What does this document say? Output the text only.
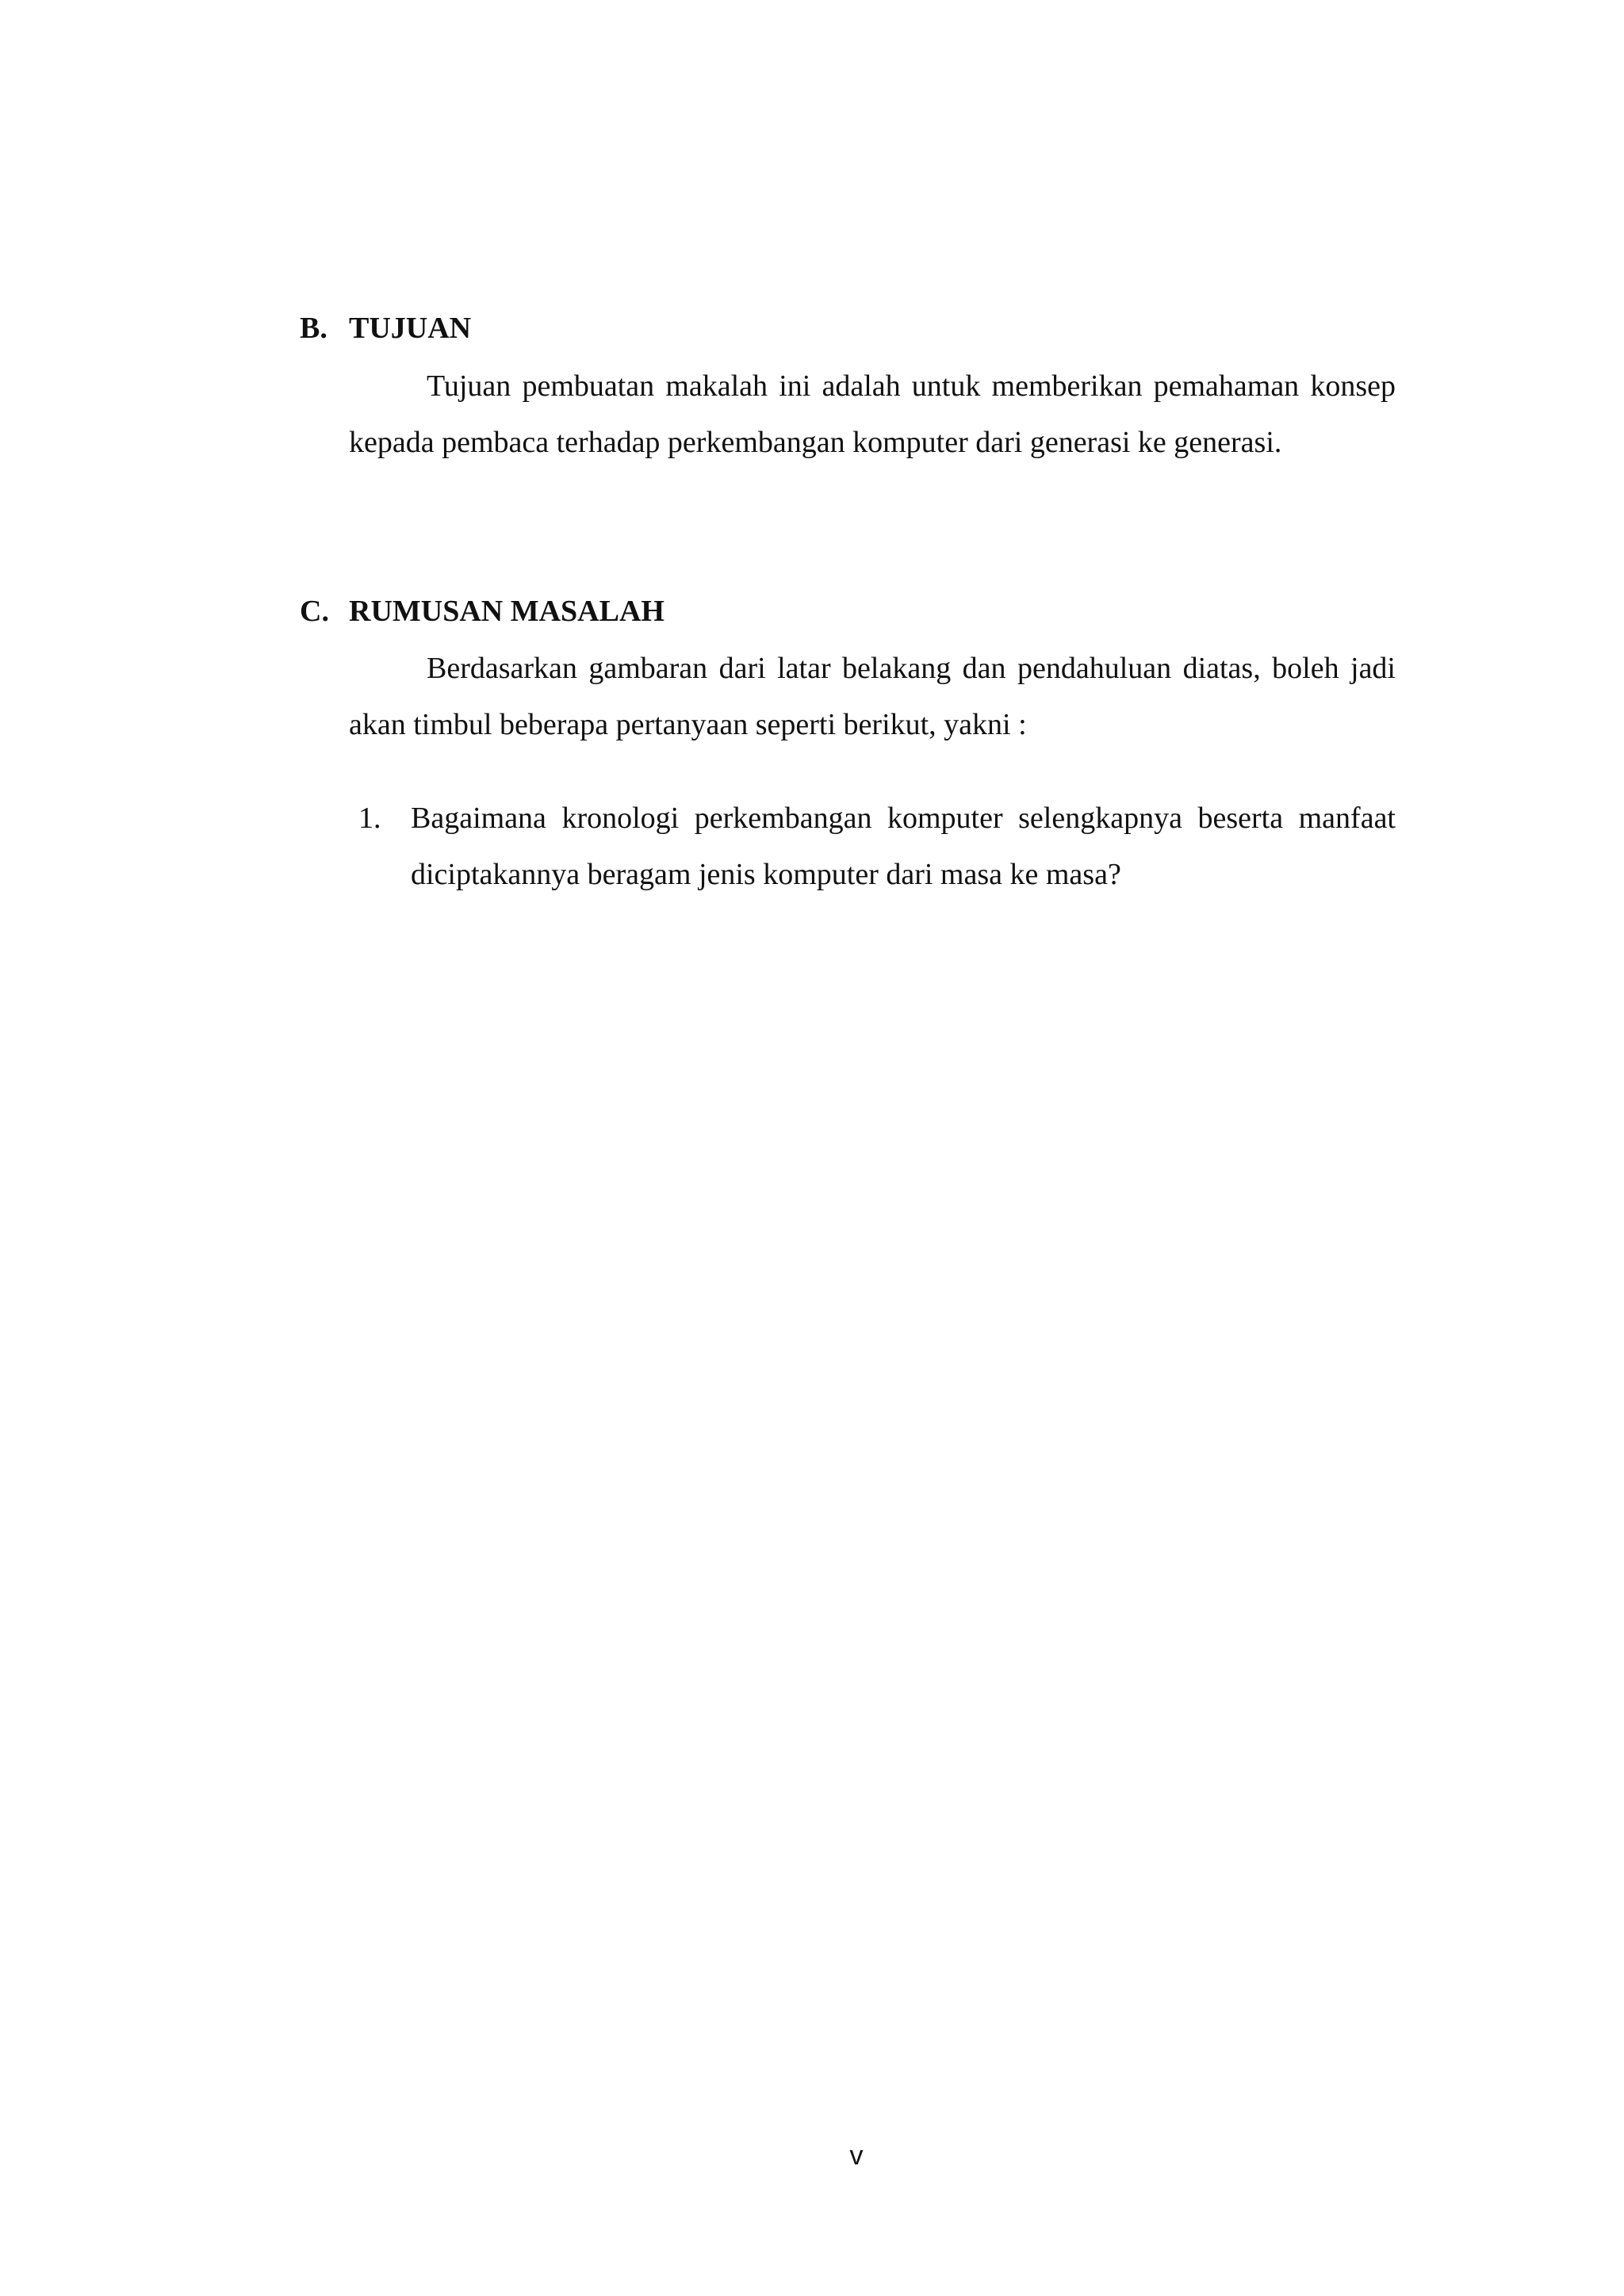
B. TUJUAN
Tujuan pembuatan makalah ini adalah untuk memberikan pemahaman konsep kepada pembaca terhadap perkembangan komputer dari generasi ke generasi.
C. RUMUSAN MASALAH
Berdasarkan gambaran dari latar belakang dan pendahuluan diatas, boleh jadi akan timbul beberapa pertanyaan seperti berikut, yakni :
1. Bagaimana kronologi perkembangan komputer selengkapnya beserta manfaat diciptakannya beragam jenis komputer dari masa ke masa?
v
